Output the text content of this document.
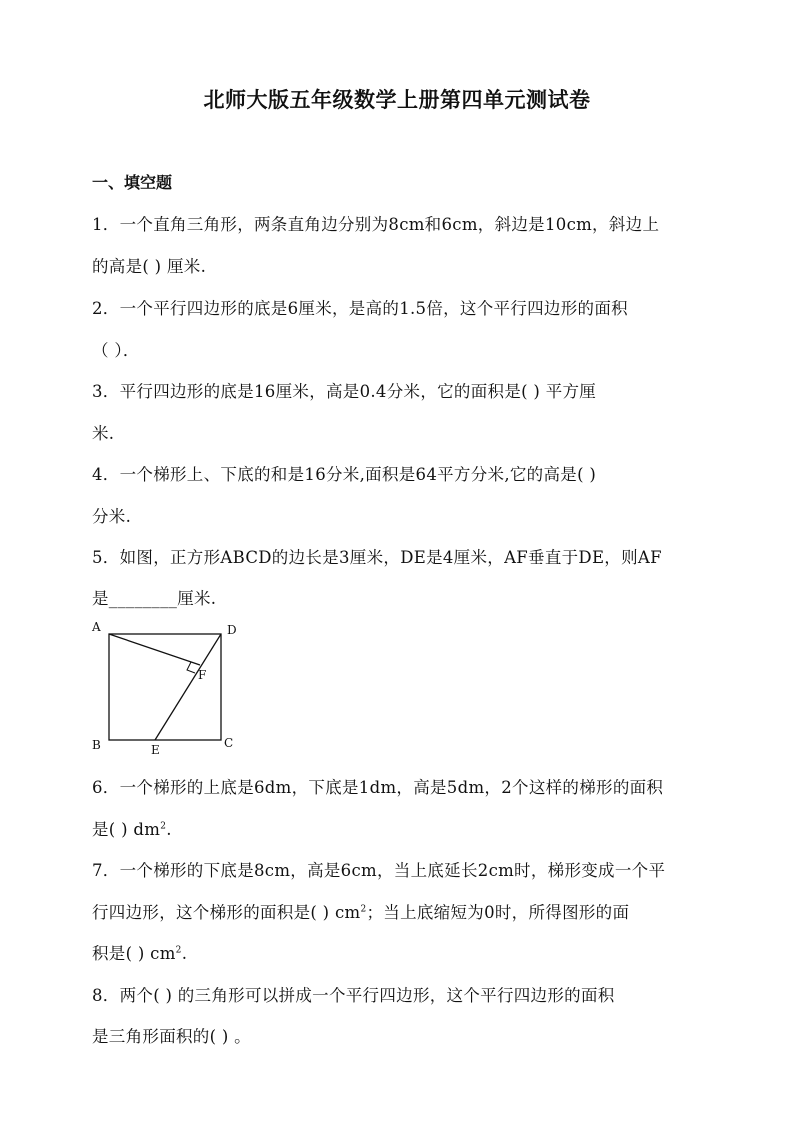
北师大版五年级数学上册第四单元测试卷
一、填空题
1．一个直角三角形，两条直角边分别为8cm和6cm，斜边是10cm，斜边上
的高是( ) 厘米.
2．一个平行四边形的底是6厘米，是高的1.5倍，这个平行四边形的面积
（ ）．
3．平行四边形的底是16厘米，高是0.4分米，它的面积是( ) 平方厘
米.
4．一个梯形上、下底的和是16分米,面积是64平方分米,它的高是( )
分米.
5．如图，正方形ABCD的边长是3厘米，DE是4厘米，AF垂直于DE，则AF
是________厘米.
A	D
F
B	C
E
6．一个梯形的上底是6dm，下底是1dm，高是5dm，2个这样的梯形的面积
是( ) $dm^2$.
7．一个梯形的下底是8cm，高是6cm，当上底延长2cm时，梯形变成一个平
行四边形，这个梯形的面积是( ) $cm^2$；当上底缩短为0时，所得图形的面
积是( ) $cm^2$.
8．两个( ) 的三角形可以拼成一个平行四边形，这个平行四边形的面积
是三角形面积的( ) 。
